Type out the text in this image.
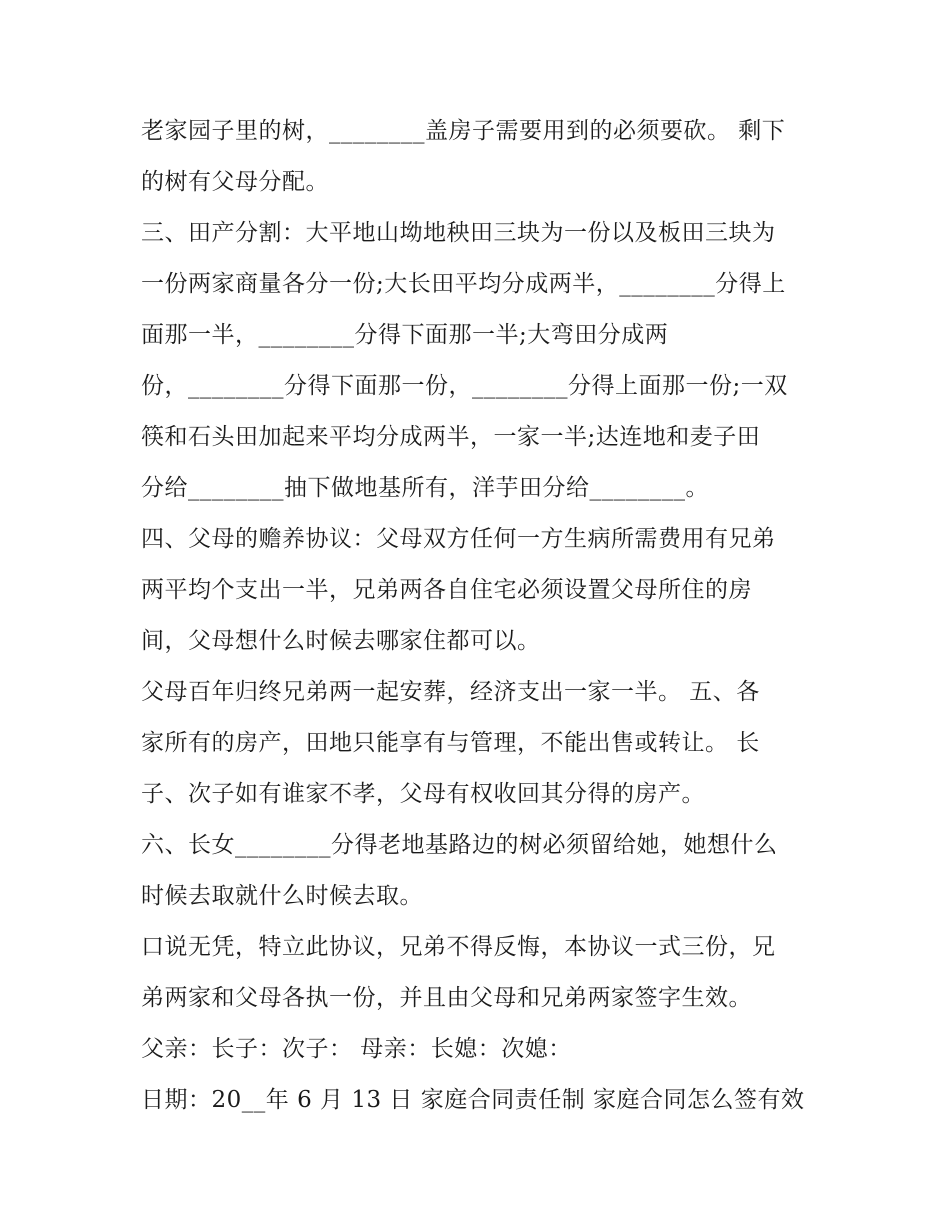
老家园子里的树，________盖房子需要用到的必须要砍。 剩下
的树有父母分配。
三、田产分割：大平地山坳地秧田三块为一份以及板田三块为
一份两家商量各分一份;大长田平均分成两半，________分得上
面那一半，________分得下面那一半;大弯田分成两
份，________分得下面那一份，________分得上面那一份;一双
筷和石头田加起来平均分成两半，一家一半;达连地和麦子田
分给________抽下做地基所有，洋芋田分给________。
四、父母的赡养协议：父母双方任何一方生病所需费用有兄弟
两平均个支出一半，兄弟两各自住宅必须设置父母所住的房
间，父母想什么时候去哪家住都可以。
父母百年归终兄弟两一起安葬，经济支出一家一半。 五、各
家所有的房产，田地只能享有与管理，不能出售或转让。 长
子、次子如有谁家不孝，父母有权收回其分得的房产。
六、长女________分得老地基路边的树必须留给她，她想什么
时候去取就什么时候去取。
口说无凭，特立此协议，兄弟不得反悔，本协议一式三份，兄
弟两家和父母各执一份，并且由父母和兄弟两家签字生效。
父亲：长子：次子： 母亲：长媳：次媳：
日期：20__年 6 月 13 日 家庭合同责任制 家庭合同怎么签有效
